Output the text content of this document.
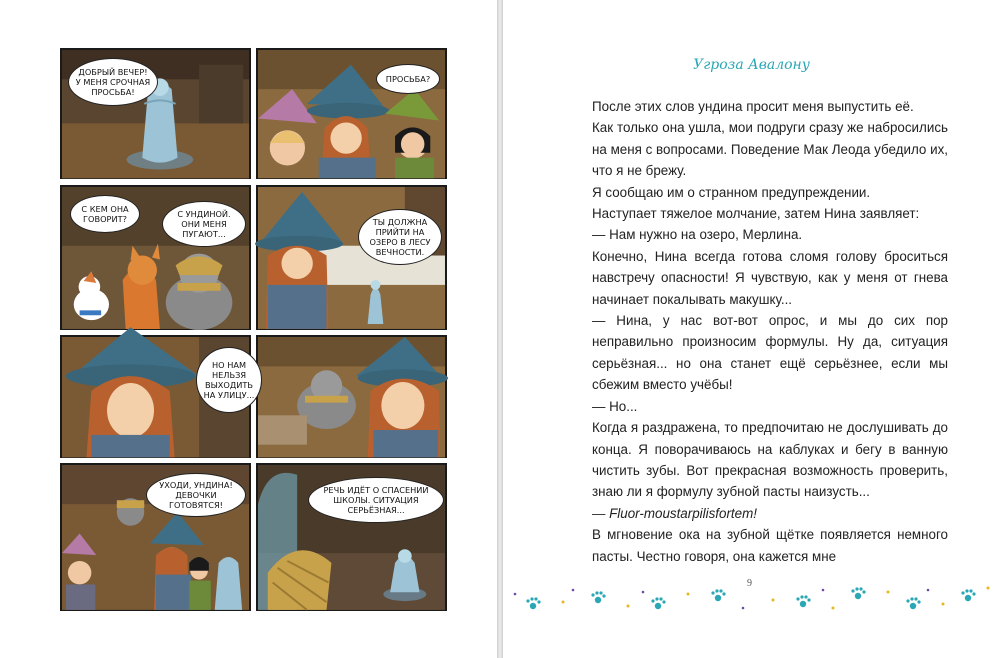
ДОБРЫЙ ВЕЧЕР! У МЕНЯ СРОЧНАЯ ПРОСЬБА!
ПРОСЬБА?
С КЕМ ОНА ГОВОРИТ?	С УНДИНОЙ. ОНИ МЕНЯ ПУГАЮТ...
ТЫ ДОЛЖНА ПРИЙТИ НА ОЗЕРО В ЛЕСУ ВЕЧНОСТИ.
НО НАМ НЕЛЬЗЯ ВЫХОДИТЬ НА УЛИЦУ...
УХОДИ, УНДИНА! ДЕВОЧКИ ГОТОВЯТСЯ!
РЕЧЬ ИДЁТ О СПАСЕНИИ ШКОЛЫ. СИТУАЦИЯ СЕРЬЁЗНАЯ...
Угроза Авалону

После этих слов ундина просит меня выпустить её.

Как только она ушла, мои подруги сразу же набросились на меня с вопросами. Поведение Мак Леода убедило их, что я не брежу.

Я сообщаю им о странном предупреждении.

Наступает тяжелое молчание, затем Нина заявляет:

— Нам нужно на озеро, Мерлина.

Конечно, Нина всегда готова сломя голову броситься навстречу опасности! Я чувствую, как у меня от гнева начинает покалывать макушку...

— Нина, у нас вот-вот опрос, и мы до сих пор неправильно произносим формулы. Ну да, ситуация серьёзная... но она станет ещё серьёзнее, если мы сбежим вместо учёбы!

— Но...

Когда я раздражена, то предпочитаю не дослушивать до конца. Я поворачиваюсь на каблуках и бегу в ванную чистить зубы. Вот прекрасная возможность проверить, знаю ли я формулу зубной пасты наизусть...

— Fluor-moustarpilisfortem!

В мгновение ока на зубной щётке появляется немного пасты. Честно говоря, она кажется мне

9
